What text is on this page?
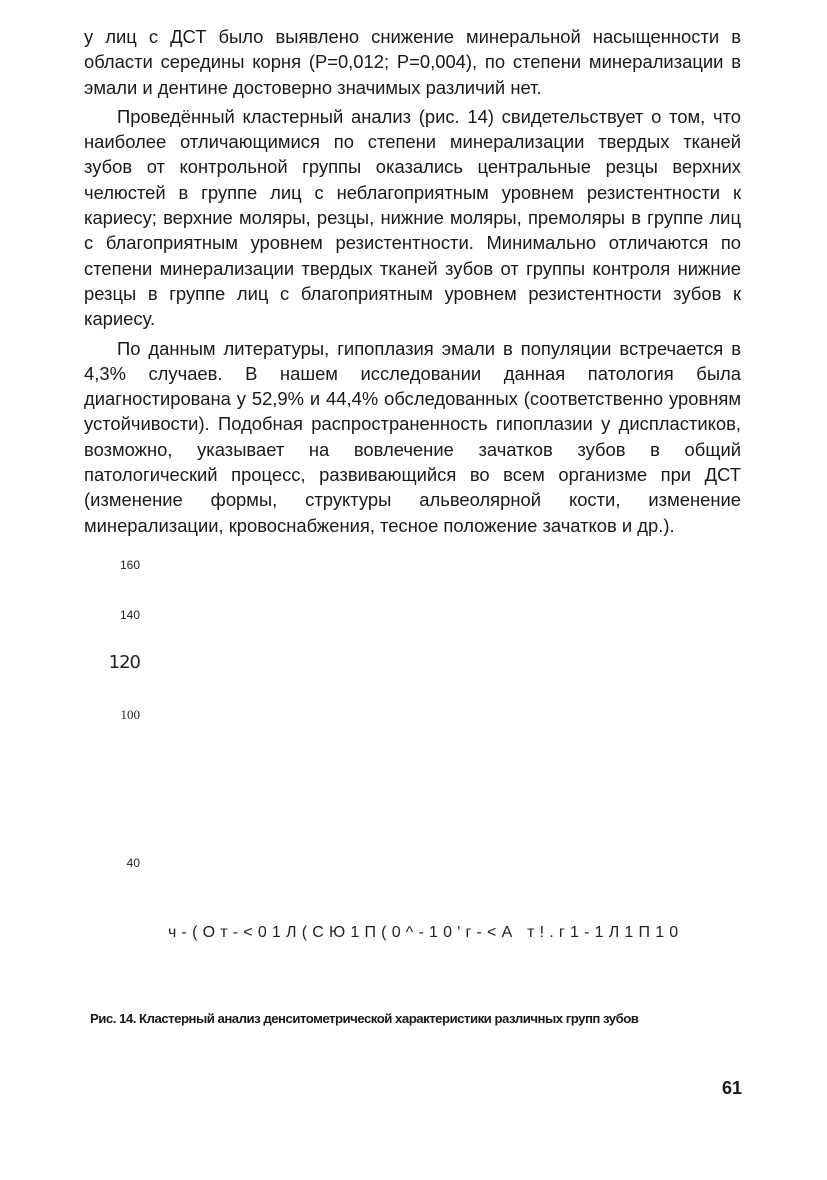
у лиц с ДСТ было выявлено снижение минеральной насыщенности в области середины корня (Р=0,012; Р=0,004), по степени минерализации в эмали и дентине достоверно значимых различий нет.

Проведённый кластерный анализ (рис. 14) свидетельствует о том, что наиболее отличающимися по степени минерализации твердых тканей зубов от контрольной группы оказались центральные резцы верхних челюстей в группе лиц с неблагоприятным уровнем резистентности к кариесу; верхние моляры, резцы, нижние моляры, премоляры в группе лиц с благоприятным уровнем резистентности. Минимально отличаются по степени минерализации твердых тканей зубов от группы контроля нижние резцы в группе лиц с благоприятным уровнем резистентности зубов к кариесу.

По данным литературы, гипоплазия эмали в популяции встречается в 4,3% случаев. В нашем исследовании данная патология была диагностирована у 52,9% и 44,4% обследованных (соответственно уровням устойчивости). Подобная распространенность гипоплазии у диспластиков, возможно, указывает на вовлечение зачатков зубов в общий патологический процесс, развивающийся во всем организме при ДСТ (изменение формы, структуры альвеолярной кости, изменение минерализации, кровоснабжения, тесное положение зачатков и др.).

160
140
120
100
40
ч-(От-<01Л(СЮ1П(0^-10'г-<А т!.г1-1Л1П10
Рис. 14. Кластерный анализ денситометрической характеристики различных групп зубов
61
